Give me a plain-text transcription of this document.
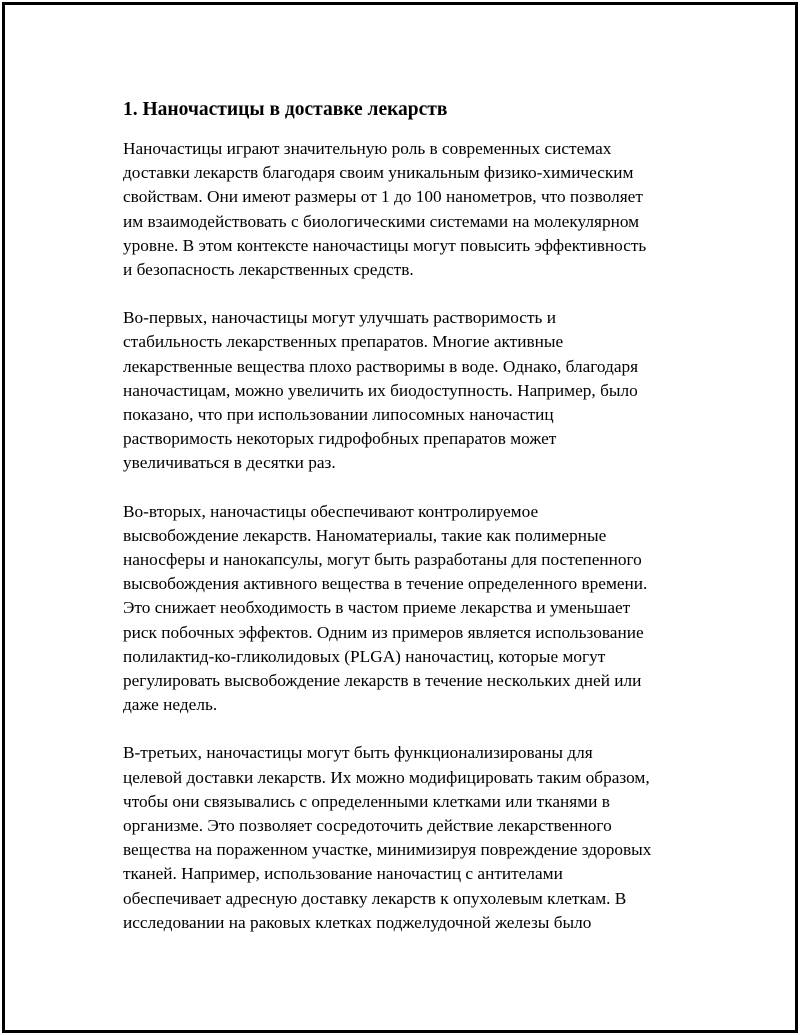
1. Наночастицы в доставке лекарств

Наночастицы играют значительную роль в современных системах
доставки лекарств благодаря своим уникальным физико-химическим
свойствам. Они имеют размеры от 1 до 100 нанометров, что позволяет
им взаимодействовать с биологическими системами на молекулярном
уровне. В этом контексте наночастицы могут повысить эффективность
и безопасность лекарственных средств.

Во-первых, наночастицы могут улучшать растворимость и
стабильность лекарственных препаратов. Многие активные
лекарственные вещества плохо растворимы в воде. Однако, благодаря
наночастицам, можно увеличить их биодоступность. Например, было
показано, что при использовании липосомных наночастиц
растворимость некоторых гидрофобных препаратов может
увеличиваться в десятки раз.

Во-вторых, наночастицы обеспечивают контролируемое
высвобождение лекарств. Наноматериалы, такие как полимерные
наносферы и нанокапсулы, могут быть разработаны для постепенного
высвобождения активного вещества в течение определенного времени.
Это снижает необходимость в частом приеме лекарства и уменьшает
риск побочных эффектов. Одним из примеров является использование
полилактид-ко-гликолидовых (PLGA) наночастиц, которые могут
регулировать высвобождение лекарств в течение нескольких дней или
даже недель.

В-третьих, наночастицы могут быть функционализированы для
целевой доставки лекарств. Их можно модифицировать таким образом,
чтобы они связывались с определенными клетками или тканями в
организме. Это позволяет сосредоточить действие лекарственного
вещества на пораженном участке, минимизируя повреждение здоровых
тканей. Например, использование наночастиц с антителами
обеспечивает адресную доставку лекарств к опухолевым клеткам. В
исследовании на раковых клетках поджелудочной железы было
